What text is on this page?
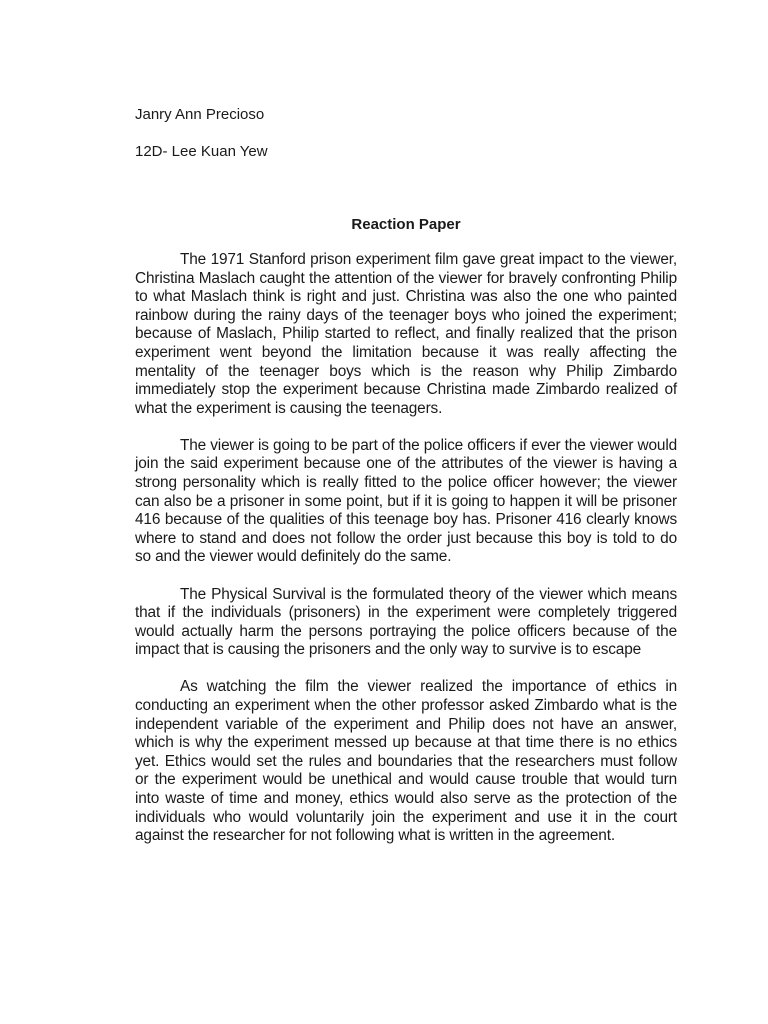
Janry Ann Precioso
12D- Lee Kuan Yew
Reaction Paper

The 1971 Stanford prison experiment film gave great impact to the viewer, Christina Maslach caught the attention of the viewer for bravely confronting Philip to what Maslach think is right and just. Christina was also the one who painted rainbow during the rainy days of the teenager boys who joined the experiment; because of Maslach, Philip started to reflect, and finally realized that the prison experiment went beyond the limitation because it was really affecting the mentality of the teenager boys which is the reason why Philip Zimbardo immediately stop the experiment because Christina made Zimbardo realized of what the experiment is causing the teenagers.

The viewer is going to be part of the police officers if ever the viewer would join the said experiment because one of the attributes of the viewer is having a strong personality which is really fitted to the police officer however; the viewer can also be a prisoner in some point, but if it is going to happen it will be prisoner 416 because of the qualities of this teenage boy has. Prisoner 416 clearly knows where to stand and does not follow the order just because this boy is told to do so and the viewer would definitely do the same.

The Physical Survival is the formulated theory of the viewer which means that if the individuals (prisoners) in the experiment were completely triggered would actually harm the persons portraying the police officers because of the impact that is causing the prisoners and the only way to survive is to escape

As watching the film the viewer realized the importance of ethics in conducting an experiment when the other professor asked Zimbardo what is the independent variable of the experiment and Philip does not have an answer, which is why the experiment messed up because at that time there is no ethics yet. Ethics would set the rules and boundaries that the researchers must follow or the experiment would be unethical and would cause trouble that would turn into waste of time and money, ethics would also serve as the protection of the individuals who would voluntarily join the experiment and use it in the court against the researcher for not following what is written in the agreement.
